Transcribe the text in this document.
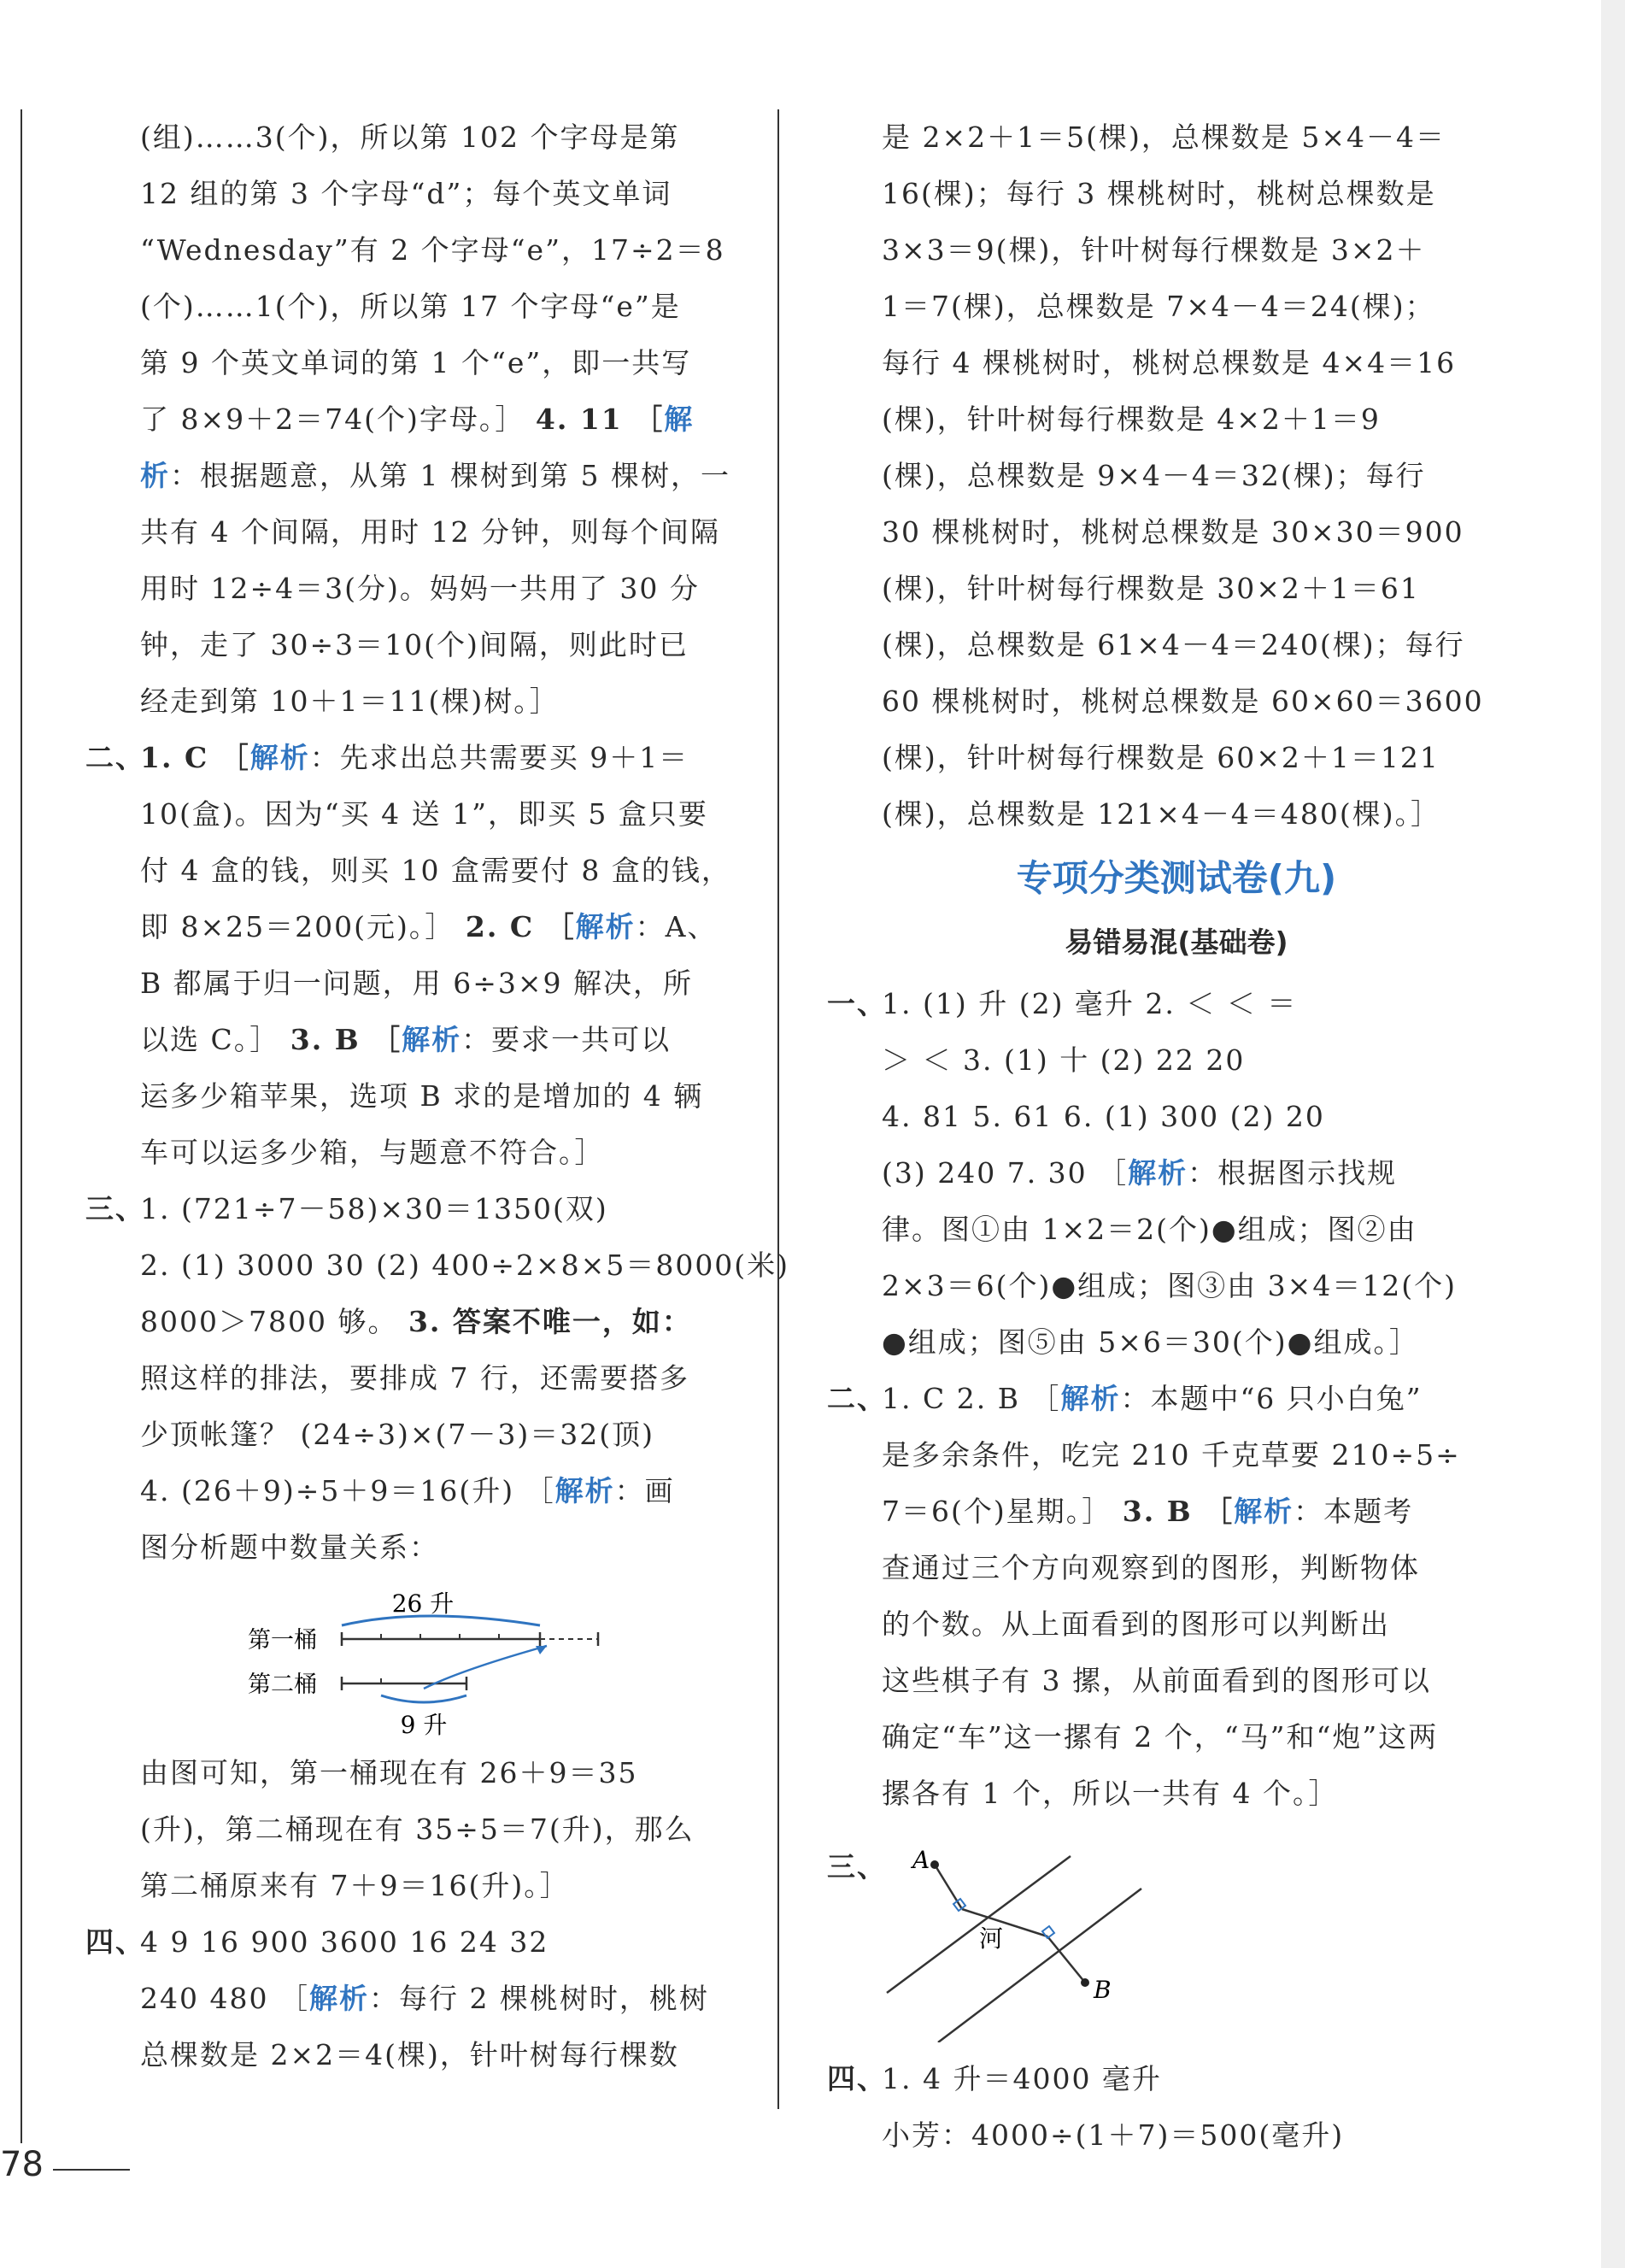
(组)……3(个)，所以第 102 个字母是第
12 组的第 3 个字母“d”；每个英文单词
“Wednesday”有 2 个字母“e”，17÷2＝8
(个)……1(个)，所以第 17 个字母“e”是
第 9 个英文单词的第 1 个“e”，即一共写
了 8×9＋2＝74(个)字母。］ 4. 11 ［解
析：根据题意，从第 1 棵树到第 5 棵树，一
共有 4 个间隔，用时 12 分钟，则每个间隔
用时 12÷4＝3(分)。妈妈一共用了 30 分
钟，走了 30÷3＝10(个)间隔，则此时已
经走到第 10＋1＝11(棵)树。］
二、1. C ［解析：先求出总共需要买 9＋1＝
10(盒)。因为“买 4 送 1”，即买 5 盒只要
付 4 盒的钱，则买 10 盒需要付 8 盒的钱，
即 8×25＝200(元)。］ 2. C ［解析：A、
B 都属于归一问题，用 6÷3×9 解决，所
以选 C。］ 3. B ［解析：要求一共可以
运多少箱苹果，选项 B 求的是增加的 4 辆
车可以运多少箱，与题意不符合。］
三、1. (721÷7－58)×30＝1350(双)
2. (1) 3000 30 (2) 400÷2×8×5＝8000(米)
8000＞7800 够。 3. 答案不唯一，如：
照这样的排法，要排成 7 行，还需要搭多
少顶帐篷？ (24÷3)×(7－3)＝32(顶)
4. (26＋9)÷5＋9＝16(升) ［解析：画
图分析题中数量关系：
26 升
第一桶
第二桶
9 升
由图可知，第一桶现在有 26＋9＝35
(升)，第二桶现在有 35÷5＝7(升)，那么
第二桶原来有 7＋9＝16(升)。］
四、4 9 16 900 3600 16 24 32
240 480 ［解析：每行 2 棵桃树时，桃树
总棵数是 2×2＝4(棵)，针叶树每行棵数
是 2×2＋1＝5(棵)，总棵数是 5×4－4＝
16(棵)；每行 3 棵桃树时，桃树总棵数是
3×3＝9(棵)，针叶树每行棵数是 3×2＋
1＝7(棵)，总棵数是 7×4－4＝24(棵)；
每行 4 棵桃树时，桃树总棵数是 4×4＝16
(棵)，针叶树每行棵数是 4×2＋1＝9
(棵)，总棵数是 9×4－4＝32(棵)；每行
30 棵桃树时，桃树总棵数是 30×30＝900
(棵)，针叶树每行棵数是 30×2＋1＝61
(棵)，总棵数是 61×4－4＝240(棵)；每行
60 棵桃树时，桃树总棵数是 60×60＝3600
(棵)，针叶树每行棵数是 60×2＋1＝121
(棵)，总棵数是 121×4－4＝480(棵)。］
专项分类测试卷(九)
易错易混(基础卷)
一、1. (1) 升 (2) 毫升 2. ＜ ＜ ＝
＞ ＜ 3. (1) 十 (2) 22 20
4. 81 5. 61 6. (1) 300 (2) 20
(3) 240 7. 30 ［解析：根据图示找规
律。图①由 1×2＝2(个)●组成；图②由
2×3＝6(个)●组成；图③由 3×4＝12(个)
●组成；图⑤由 5×6＝30(个)●组成。］
二、1. C 2. B ［解析：本题中“6 只小白兔”
是多余条件，吃完 210 千克草要 210÷5÷
7＝6(个)星期。］ 3. B ［解析：本题考
查通过三个方向观察到的图形，判断物体
的个数。从上面看到的图形可以判断出
这些棋子有 3 摞，从前面看到的图形可以
确定“车”这一摞有 2 个，“马”和“炮”这两
摞各有 1 个，所以一共有 4 个。］
三、 A
B
河
四、1. 4 升＝4000 毫升
小芳：4000÷(1＋7)＝500(毫升)
78
